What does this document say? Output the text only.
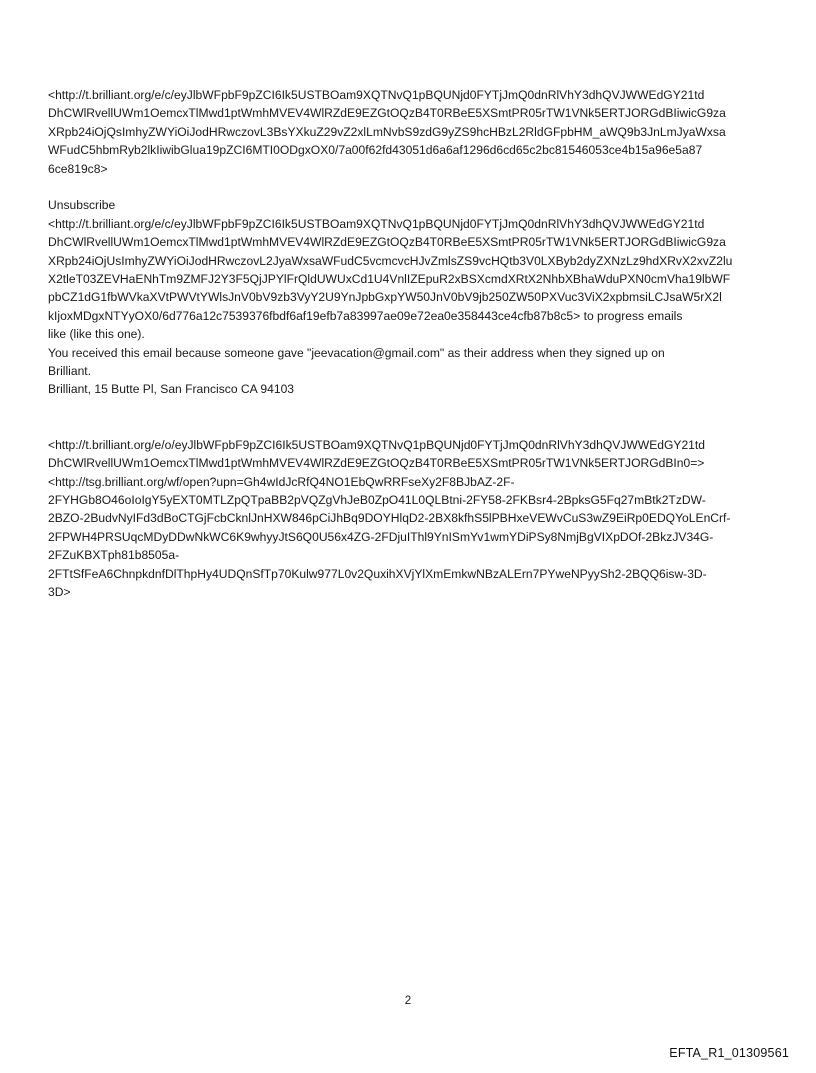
<http://t.brilliant.org/e/c/eyJlbWFpbF9pZCI6Ik5USTBOam9XQTNvQ1pBQUNjd0FYTjJmQ0dnRlVhY3dhQVJWWEdGY21td
DhCWlRvellUWm1OemcxTlMwd1ptWmhMVEV4WlRZdE9EZGtOQzB4T0RBeE5XSmtPR05rTW1VNk5ERTJORGdBIiwicG9za
XRpb24iOjQsImhyZWYiOiJodHRwczovL3BsYXkuZ29vZ2xlLmNvbS9zdG9yZS9hcHBzL2RldGFpbHM_aWQ9b3JnLmJyaWxsa
WFudC5hbmRyb2lkIiwibGlua19pZCI6MTI0ODgxOX0/7a00f62fd43051d6a6af1296d6cd65c2bc81546053ce4b15a96e5a87
6ce819c8>
Unsubscribe
<http://t.brilliant.org/e/c/eyJlbWFpbF9pZCI6Ik5USTBOam9XQTNvQ1pBQUNjd0FYTjJmQ0dnRlVhY3dhQVJWWEdGY21td
DhCWlRvellUWm1OemcxTlMwd1ptWmhMVEV4WlRZdE9EZGtOQzB4T0RBeE5XSmtPR05rTW1VNk5ERTJORGdBIiwicG9za
XRpb24iOjUsImhyZWYiOiJodHRwczovL2JyaWxsaWFudC5vcmcvcHJvZmlsZS9vcHQtb3V0LXByb2dyZXNzLz9hdXRvX2xvZ2lu
X2tleT03ZEVHaENhTm9ZMFJ2Y3F5QjJPYlFrQldUWUxCd1U4VnlIZEpuR2xBSXcmdXRtX2NhbXBhaWduPXN0cmVha19lbWF
pbCZ1dG1fbWVkaXVtPWVtYWlsJnV0bV9zb3VyY2U9YnJpbGxpYW50JnV0bV9jb250ZW50PXVuc3ViX2xpbmsiLCJsaW5rX2l
kIjoxMDgxNTYyOX0/6d776a12c7539376fbdf6af19efb7a83997ae09e72ea0e358443ce4cfb87b8c5> to progress emails
like (like this one).
You received this email because someone gave "jeevacation@gmail.com" as their address when they signed up on
Brilliant.
Brilliant, 15 Butte Pl, San Francisco CA 94103
<http://t.brilliant.org/e/o/eyJlbWFpbF9pZCI6Ik5USTBOam9XQTNvQ1pBQUNjd0FYTjJmQ0dnRlVhY3dhQVJWWEdGY21td
DhCWlRvellUWm1OemcxTlMwd1ptWmhMVEV4WlRZdE9EZGtOQzB4T0RBeE5XSmtPR05rTW1VNk5ERTJORGdBIn0=>
<http://tsg.brilliant.org/wf/open?upn=Gh4wIdJcRfQ4NO1EbQwRRFseXy2F8BJbAZ-2F-
2FYHGb8O46oIoIgY5yEXT0MTLZpQTpaBB2pVQZgVhJeB0ZpO41L0QLBtni-2FY58-2FKBsr4-2BpksG5Fq27mBtk2TzDW-
2BZO-2BudvNyIFd3dBoCTGjFcbCknlJnHXW846pCiJhBq9DOYHlqD2-2BX8kfhS5lPBHxeVEWvCuS3wZ9EiRp0EDQYoLEnCrf-
2FPWH4PRSUqcMDyDDwNkWC6K9whyyJtS6Q0U56x4ZG-2FDjuIThl9YnISmYv1wmYDiPSy8NmjBgVIXpDOf-2BkzJV34G-
2FZuKBXTph81b8505a-
2FTtSfFeA6ChnpkdnfDlThpHy4UDQnSfTp70Kulw977L0v2QuxihXVjYlXmEmkwNBzALErn7PYweNPyySh2-2BQQ6isw-3D-
3D>
2
EFTA_R1_01309561
